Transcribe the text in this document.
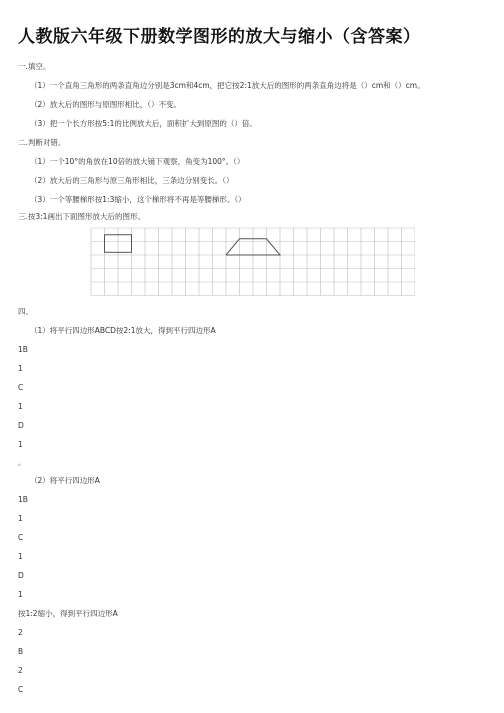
人教版六年级下册数学图形的放大与缩小（含答案）
一.填空。
（1）一个直角三角形的两条直角边分别是3cm和4cm，把它按2:1放大后的图形的两条直角边将是（）cm和（）cm。
（2）放大后的图形与原图形相比，（）不变。
（3）把一个长方形按5:1的比例放大后，面积扩大到原图的（）倍。
二.判断对错。
（1）一个10°的角放在10倍的放大镜下观察，角变为100°。（）
（2）放大后的三角形与原三角形相比，三条边分别变长。（）
（3）一个等腰梯形按1:3缩小，这个梯形将不再是等腰梯形。（）
三.按3:1画出下面图形放大后的图形。
四、
（1）将平行四边形ABCD按2:1放大，得到平行四边形A
1B
1
C
1
D
1
。
（2）将平行四边形A
1B
1
C
1
D
1
按1:2缩小，得到平行四边形A
2
B
2
C
